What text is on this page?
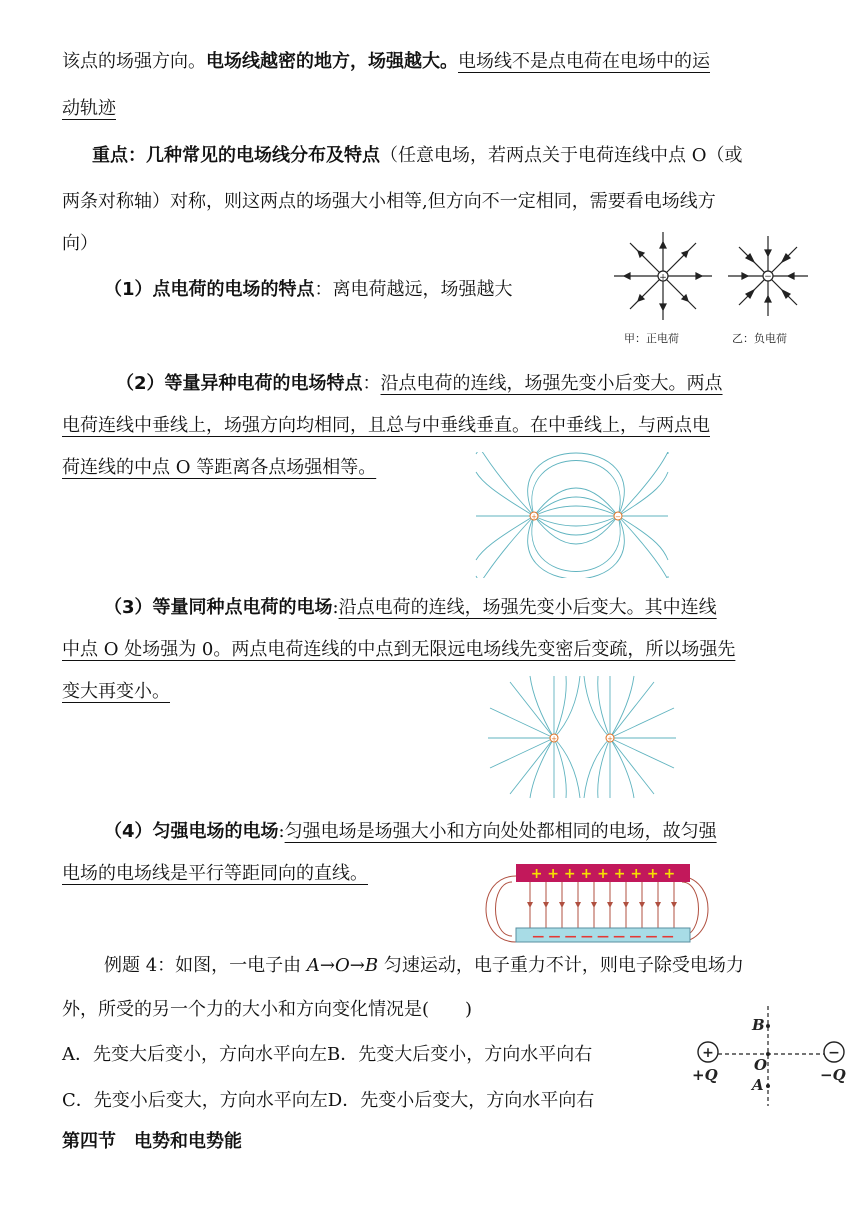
该点的场强方向。电场线越密的地方，场强越大。电场线不是点电荷在电场中的运

动轨迹

重点：几种常见的电场线分布及特点（任意电场，若两点关于电荷连线中点 O（或

两条对称轴）对称，则这两点的场强大小相等,但方向不一定相同，需要看电场线方

向）

（1）点电荷的电场的特点：离电荷越远，场强越大

+	−
甲：正电荷	乙：负电荷

（2）等量异种电荷的电场特点：沿点电荷的连线，场强先变小后变大。两点

电荷连线中垂线上，场强方向均相同，且总与中垂线垂直。在中垂线上，与两点电

荷连线的中点 O 等距离各点场强相等。

+	−

（3）等量同种点电荷的电场:沿点电荷的连线，场强先变小后变大。其中连线

中点 O 处场强为 0。两点电荷连线的中点到无限远电场线先变密后变疏，所以场强先

变大再变小。

+	+

（4）匀强电场的电场:匀强电场是场强大小和方向处处都相同的电场，故匀强

电场的电场线是平行等距同向的直线。	+ + + + + + + + +
— — — — — — — — —

例题 4：如图，一电子由 A→O→B 匀速运动，电子重力不计，则电子除受电场力

外，所受的另一个力的大小和方向变化情况是(　　)

A．先变大后变小，方向水平向左B．先变大后变小，方向水平向右

C．先变小后变大，方向水平向左D．先变小后变大，方向水平向右

+	−
B
O
A
+Q	−Q

第四节　电势和电势能
